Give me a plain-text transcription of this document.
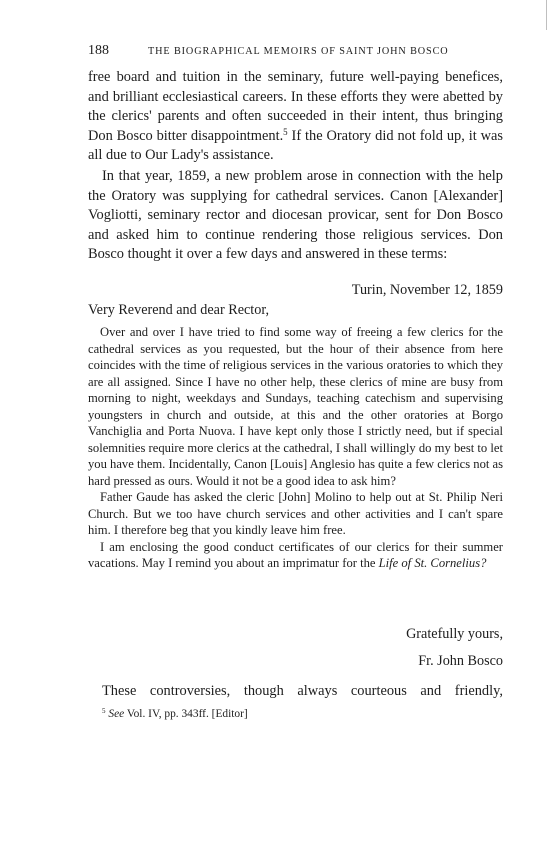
188	THE BIOGRAPHICAL MEMOIRS OF SAINT JOHN BOSCO

free board and tuition in the seminary, future well-paying benefices, and brilliant ecclesiastical careers. In these efforts they were abetted by the clerics' parents and often succeeded in their intent, thus bringing Don Bosco bitter disappointment.$^5$ If the Oratory did not fold up, it was all due to Our Lady's assistance.

In that year, 1859, a new problem arose in connection with the help the Oratory was supplying for cathedral services. Canon [Alexander] Vogliotti, seminary rector and diocesan provicar, sent for Don Bosco and asked him to continue rendering those religious services. Don Bosco thought it over a few days and answered in these terms:

Turin, November 12, 1859
Very Reverend and dear Rector,

Over and over I have tried to find some way of freeing a few clerics for the cathedral services as you requested, but the hour of their absence from here coincides with the time of religious services in the various oratories to which they are all assigned. Since I have no other help, these clerics of mine are busy from morning to night, weekdays and Sundays, teaching catechism and supervising youngsters in church and outside, at this and the other oratories at Borgo Vanchiglia and Porta Nuova. I have kept only those I strictly need, but if special solemnities require more clerics at the cathedral, I shall willingly do my best to let you have them. Incidentally, Canon [Louis] Anglesio has quite a few clerics not as hard pressed as ours. Would it not be a good idea to ask him?

Father Gaude has asked the cleric [John] Molino to help out at St. Philip Neri Church. But we too have church services and other activities and I can't spare him. I therefore beg that you kindly leave him free.

I am enclosing the good conduct certificates of our clerics for their summer vacations. May I remind you about an imprimatur for the Life of St. Cornelius?

Gratefully yours,
Fr. John Bosco
These controversies, though always courteous and friendly,
$^5$ See Vol. IV, pp. 343ff. [Editor]
